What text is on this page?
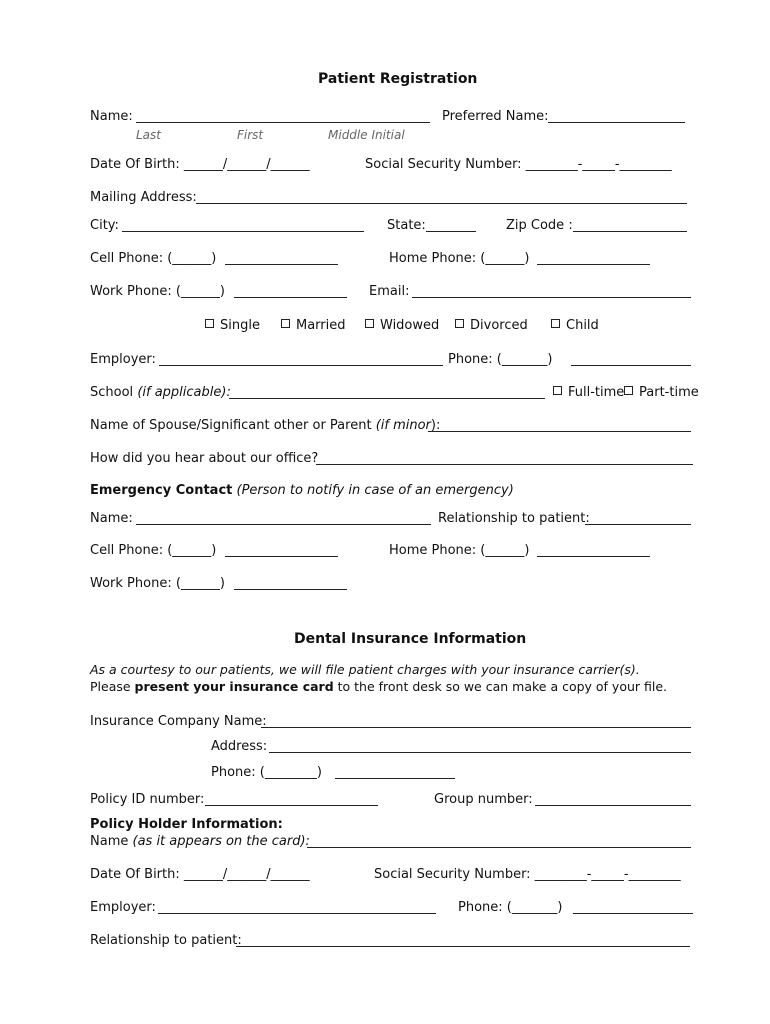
Patient Registration
Name:
Last	First	Middle Initial
Preferred Name:
Date Of Birth: ______/______/______	Social Security Number: ________-_____-________
Mailing Address:
City:	State:	Zip Code :
Cell Phone: (______)	Home Phone: (______)
Work Phone: (______)	Email:
Single	Married	Widowed	Divorced	Child
Employer:	Phone: (_______)
School (if applicable):	Full-time	Part-time
Name of Spouse/Significant other or Parent (if minor):
How did you hear about our office?
Emergency Contact (Person to notify in case of an emergency)
Name:	Relationship to patient:
Cell Phone: (______)	Home Phone: (______)
Work Phone: (______)
Dental Insurance Information
As a courtesy to our patients, we will file patient charges with your insurance carrier(s).
Please present your insurance card to the front desk so we can make a copy of your file.
Insurance Company Name:
Address:
Phone: (________)
Policy ID number:	Group number:
Policy Holder Information:
Name (as it appears on the card):
Date Of Birth: ______/______/______	Social Security Number: ________-_____-________
Employer:	Phone: (_______)
Relationship to patient:
